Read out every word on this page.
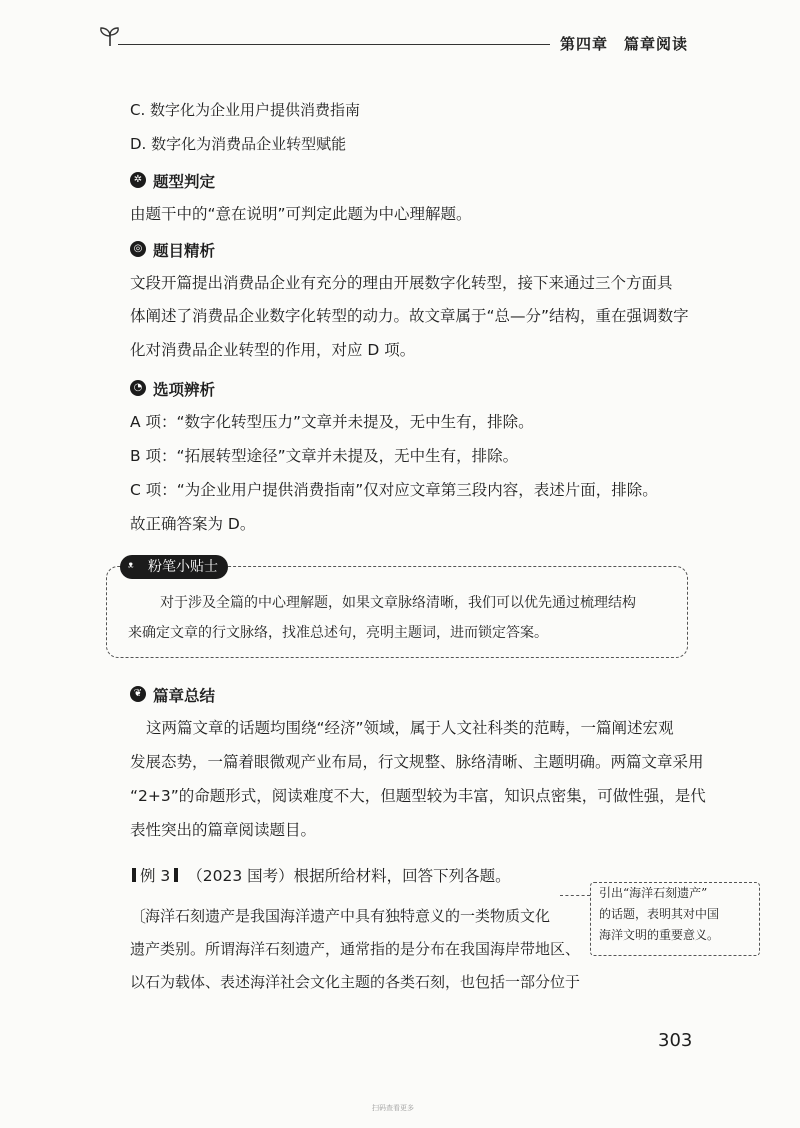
第四章　篇章阅读
C. 数字化为企业用户提供消费指南
D. 数字化为消费品企业转型赋能
✲ 题型判定
由题干中的“意在说明”可判定此题为中心理解题。
◎ 题目精析
文段开篇提出消费品企业有充分的理由开展数字化转型，接下来通过三个方面具
体阐述了消费品企业数字化转型的动力。故文章属于“总—分”结构，重在强调数字
化对消费品企业转型的作用，对应 D 项。
◔ 选项辨析
A 项：“数字化转型压力”文章并未提及，无中生有，排除。
B 项：“拓展转型途径”文章并未提及，无中生有，排除。
C 项：“为企业用户提供消费指南”仅对应文章第三段内容，表述片面，排除。
故正确答案为 D。
ᵜ 粉笔小贴士
对于涉及全篇的中心理解题，如果文章脉络清晰，我们可以优先通过梳理结构
来确定文章的行文脉络，找准总述句，亮明主题词，进而锁定答案。
❦ 篇章总结
这两篇文章的话题均围绕“经济”领域，属于人文社科类的范畴，一篇阐述宏观
发展态势，一篇着眼微观产业布局，行文规整、脉络清晰、主题明确。两篇文章采用
“2+3”的命题形式，阅读难度不大，但题型较为丰富，知识点密集，可做性强，是代
表性突出的篇章阅读题目。
例 3 （2023 国考）根据所给材料，回答下列各题。
引出“海洋石刻遗产”
的话题，表明其对中国
海洋文明的重要意义。
〔
海洋石刻遗产是我国海洋遗产中具有独特意义的一类物质文化
遗产类别。所谓海洋石刻遗产，通常指的是分布在我国海岸带地区、
以石为载体、表述海洋社会文化主题的各类石刻，也包括一部分位于
303
扫码查看更多
